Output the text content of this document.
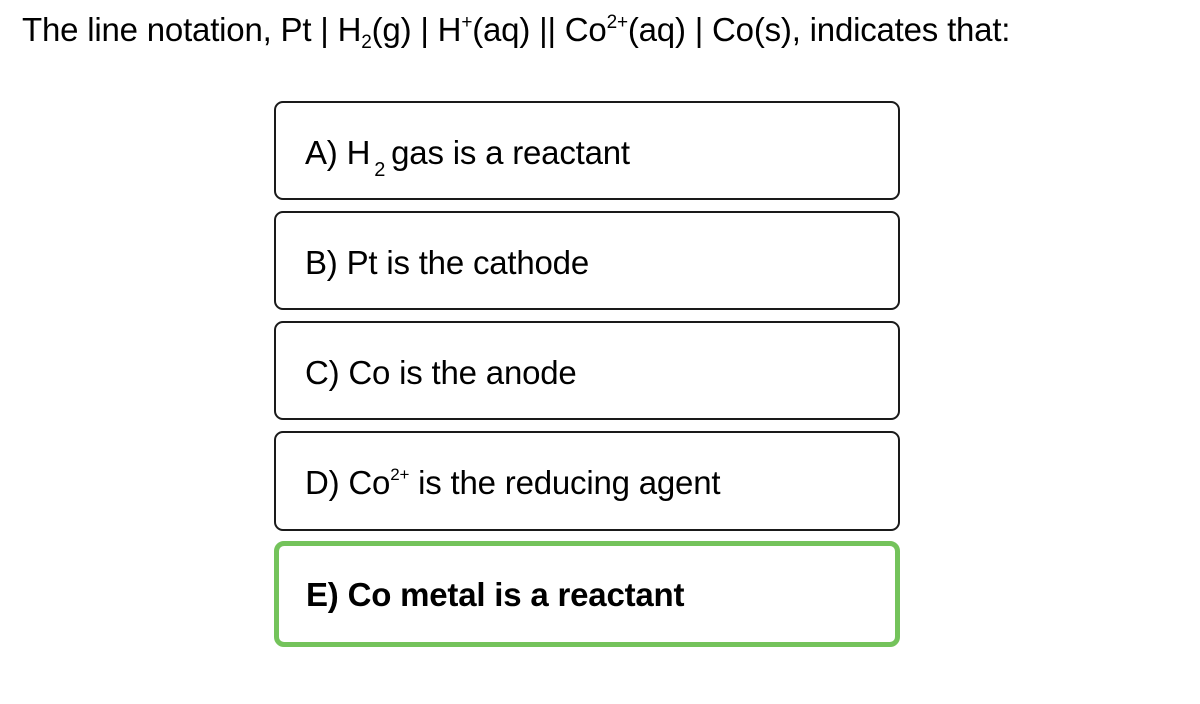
The line notation, Pt | $H_2(g)$ | H+(aq) || $Co^{2+}(aq)$ | Co(s), indicates that:
A) H $_2$ gas is a reactant
B) Pt is the cathode
C) Co is the anode
D) $Co^{2+}$ is the reducing agent
E) Co metal is a reactant
